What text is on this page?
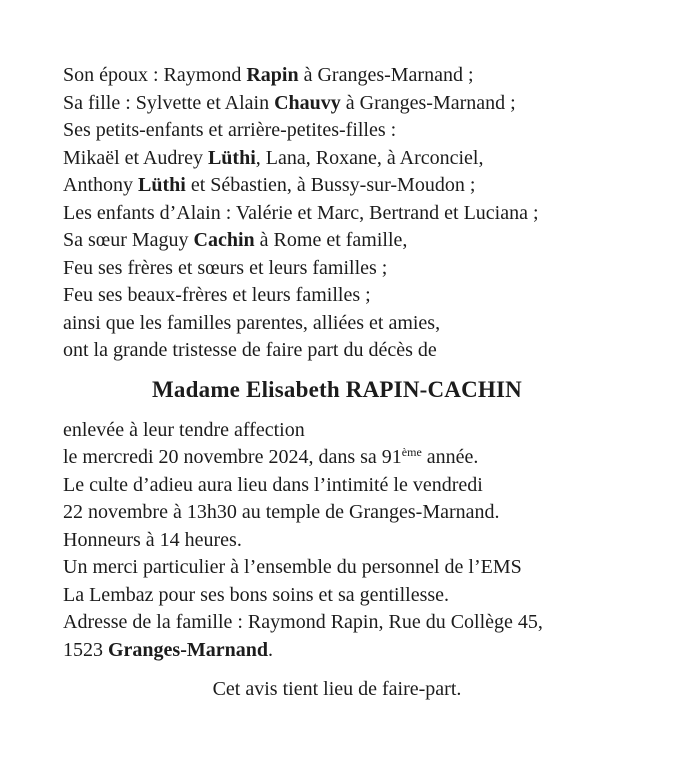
Son époux : Raymond Rapin à Granges-Marnand ;
Sa fille : Sylvette et Alain Chauvy à Granges-Marnand ;
Ses petits-enfants et arrière-petites-filles :
Mikaël et Audrey Lüthi, Lana, Roxane, à Arconciel,
Anthony Lüthi et Sébastien, à Bussy-sur-Moudon ;
Les enfants d’Alain : Valérie et Marc, Bertrand et Luciana ;
Sa sœur Maguy Cachin à Rome et famille,
Feu ses frères et sœurs et leurs familles ;
Feu ses beaux-frères et leurs familles ;
ainsi que les familles parentes, alliées et amies,
ont la grande tristesse de faire part du décès de
Madame Elisabeth RAPIN-CACHIN
enlevée à leur tendre affection
le mercredi 20 novembre 2024, dans sa 91ème année.
Le culte d’adieu aura lieu dans l’intimité le vendredi
22 novembre à 13h30 au temple de Granges-Marnand.
Honneurs à 14 heures.
Un merci particulier à l’ensemble du personnel de l’EMS
La Lembaz pour ses bons soins et sa gentillesse.
Adresse de la famille : Raymond Rapin, Rue du Collège 45,
1523 Granges-Marnand.
Cet avis tient lieu de faire-part.
